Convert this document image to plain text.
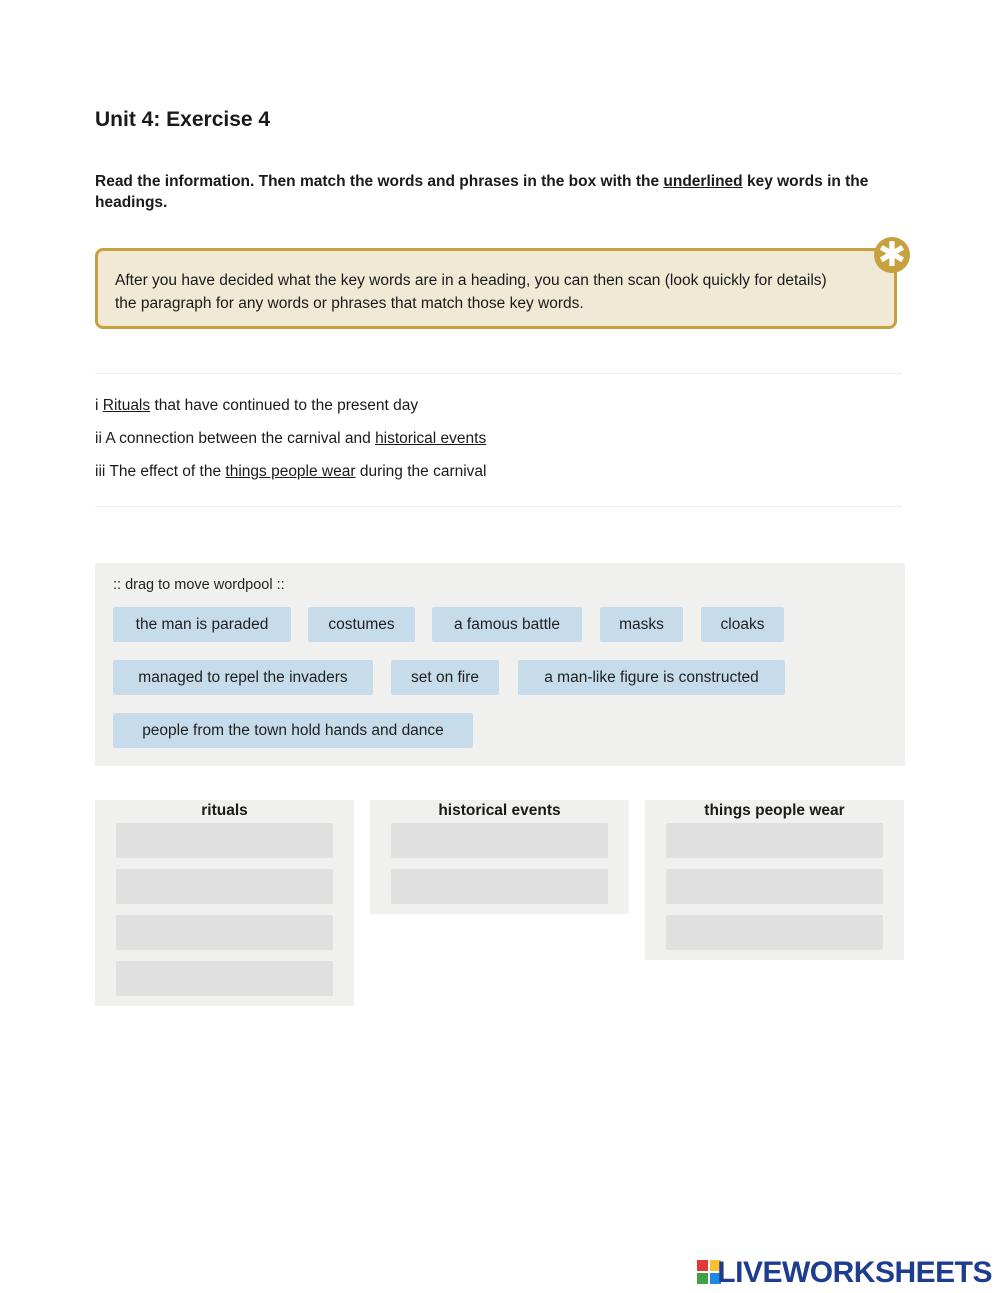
Unit 4: Exercise 4
Read the information. Then match the words and phrases in the box with the underlined key words in the headings.
After you have decided what the key words are in a heading, you can then scan (look quickly for details) the paragraph for any words or phrases that match those key words.
✱
i Rituals that have continued to the present day
ii A connection between the carnival and historical events
iii The effect of the things people wear during the carnival
:: drag to move wordpool ::
the man is paraded	costumes	a famous battle	masks	cloaks
managed to repel the invaders	set on fire	a man-like figure is constructed
people from the town hold hands and dance
rituals	historical events	things people wear
LIVEWORKSHEETS
